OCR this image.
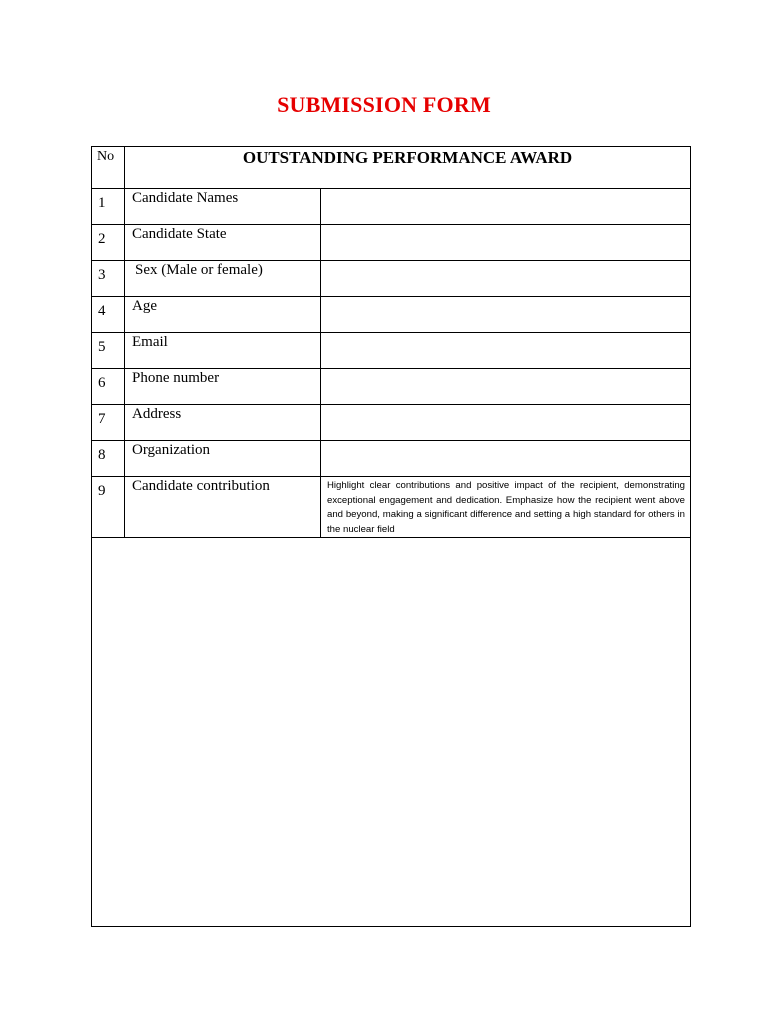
SUBMISSION FORM
No	OUTSTANDING PERFORMANCE AWARD	
1	Candidate Names	
2	Candidate State	
3	Sex (Male or female)	
4	Age	
5	Email	
6	Phone number	
7	Address	
8	Organization	
9	Candidate contribution	Highlight clear contributions and positive impact of the recipient, demonstrating exceptional engagement and dedication. Emphasize how the recipient went above and beyond, making a significant difference and setting a high standard for others in the nuclear field
